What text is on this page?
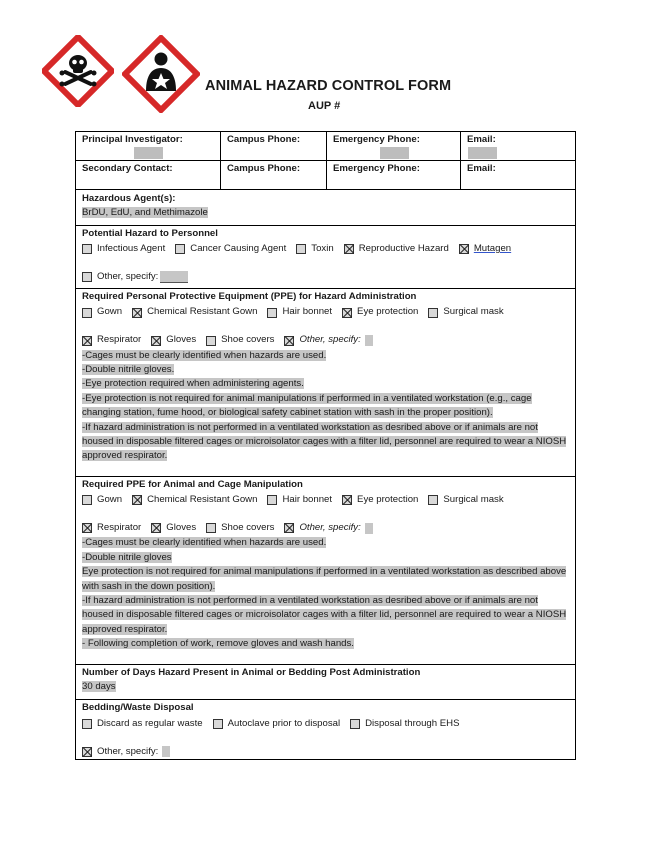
ANIMAL HAZARD CONTROL FORM
AUP #
Principal Investigator:	Campus Phone:	Emergency Phone:	Email:
Secondary Contact:	Campus Phone:	Emergency Phone:	Email:
Hazardous Agent(s):
BrDU, EdU, and Methimazole
Potential Hazard to Personnel
Infectious Agent	Cancer Causing Agent	Toxin	Reproductive Hazard	Mutagen
Other, specify:
Required Personal Protective Equipment (PPE) for Hazard Administration
Gown	Chemical Resistant Gown	Hair bonnet	Eye protection	Surgical mask
Respirator	Gloves	Shoe covers	Other, specify:
-Cages must be clearly identified when hazards are used.
-Double nitrile gloves.
-Eye protection required when administering agents.
-Eye protection is not required for animal manipulations if performed in a ventilated workstation (e.g., cage changing station, fume hood, or biological safety cabinet station with sash in the proper position).
-If hazard administration is not performed in a ventilated workstation as desribed above or if animals are not housed in disposable filtered cages or microisolator cages with a filter lid, personnel are required to wear a NIOSH approved respirator.
Required PPE for Animal and Cage Manipulation
Gown	Chemical Resistant Gown	Hair bonnet	Eye protection	Surgical mask
Respirator	Gloves	Shoe covers	Other, specify:
-Cages must be clearly identified when hazards are used.
-Double nitrile gloves
Eye protection is not required for animal manipulations if performed in a ventilated workstation as described above with sash in the down position).
-If hazard administration is not performed in a ventilated workstation as desribed above or if animals are not housed in disposable filtered cages or microisolator cages with a filter lid, personnel are required to wear a NIOSH approved respirator.
- Following completion of work, remove gloves and wash hands.
Number of Days Hazard Present in Animal or Bedding Post Administration
30 days
Bedding/Waste Disposal
Discard as regular waste	Autoclave prior to disposal	Disposal through EHS
Other, specify:
